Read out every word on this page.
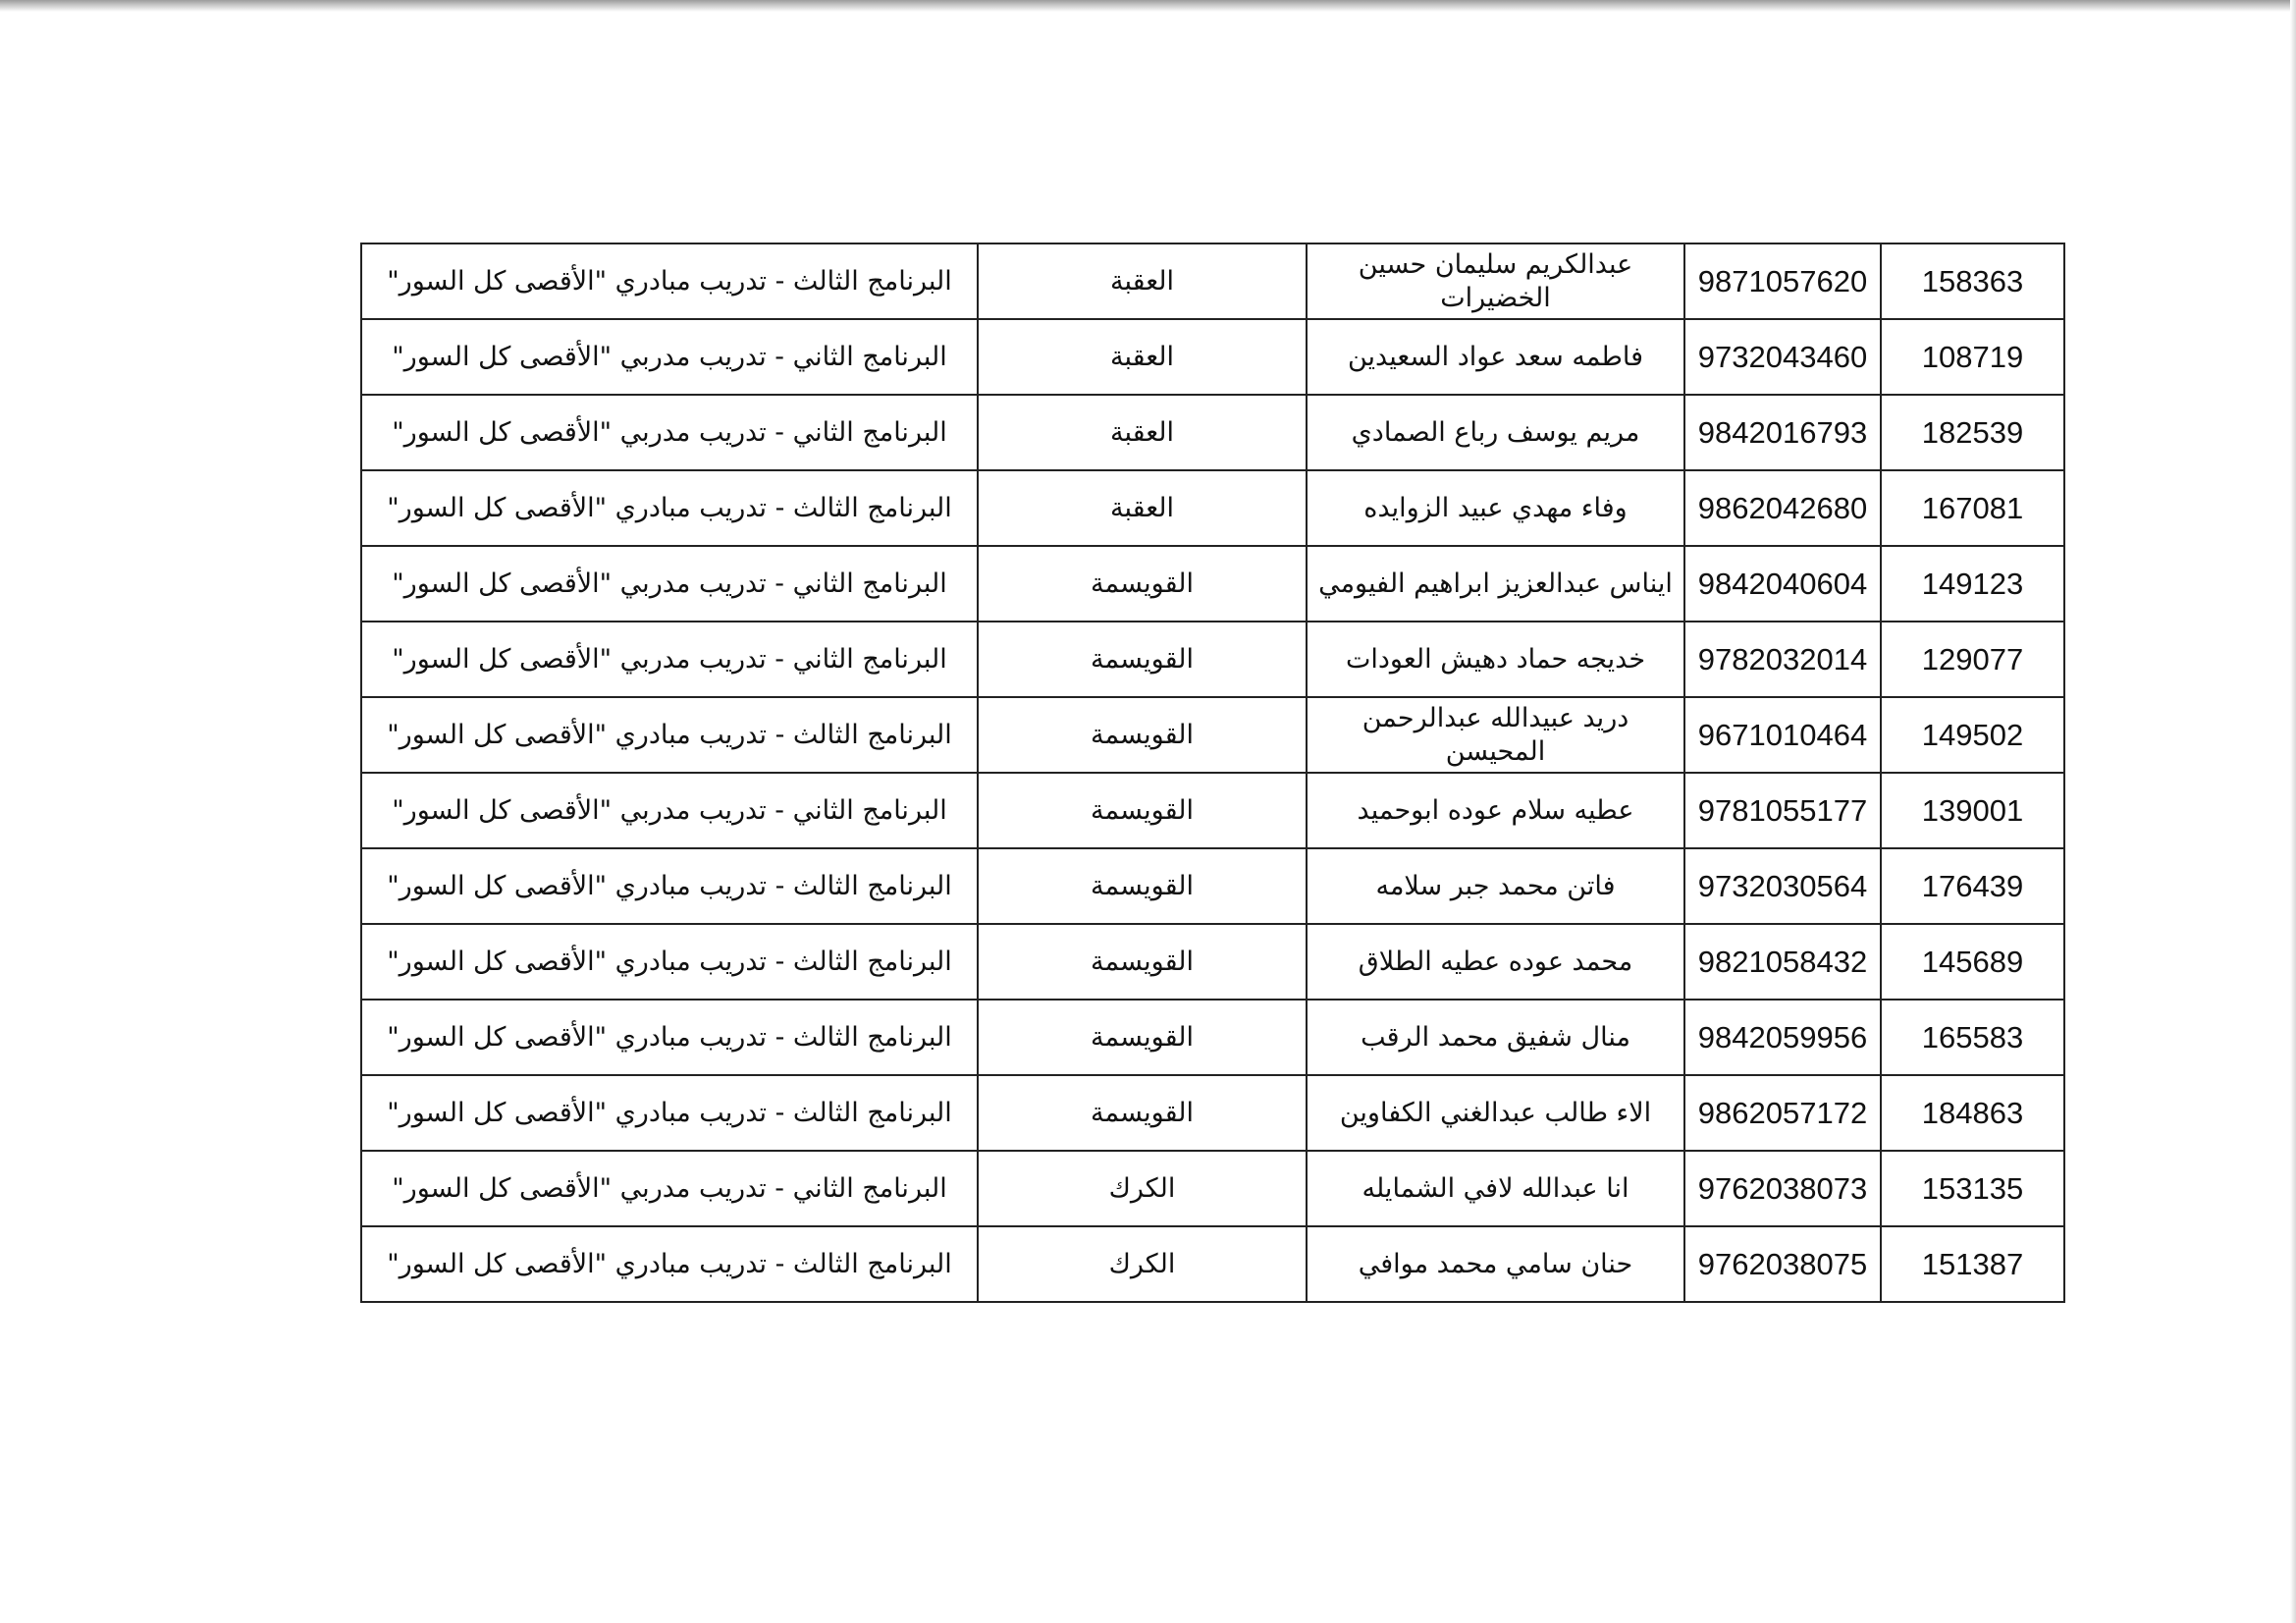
البرنامج الثالث - تدريب مبادري "الأقصى كل السور"	العقبة	عبدالكريم سليمان حسين الخضيرات	9871057620	158363
البرنامج الثاني - تدريب مدربي "الأقصى كل السور"	العقبة	فاطمه سعد عواد السعيدين	9732043460	108719
البرنامج الثاني - تدريب مدربي "الأقصى كل السور"	العقبة	مريم يوسف رباع الصمادي	9842016793	182539
البرنامج الثالث - تدريب مبادري "الأقصى كل السور"	العقبة	وفاء مهدي عبيد الزوايده	9862042680	167081
البرنامج الثاني - تدريب مدربي "الأقصى كل السور"	القويسمة	ايناس عبدالعزيز ابراهيم الفيومي	9842040604	149123
البرنامج الثاني - تدريب مدربي "الأقصى كل السور"	القويسمة	خديجه حماد دهيش العودات	9782032014	129077
البرنامج الثالث - تدريب مبادري "الأقصى كل السور"	القويسمة	دريد عبيدالله عبدالرحمن المحيسن	9671010464	149502
البرنامج الثاني - تدريب مدربي "الأقصى كل السور"	القويسمة	عطيه سلام عوده ابوحميد	9781055177	139001
البرنامج الثالث - تدريب مبادري "الأقصى كل السور"	القويسمة	فاتن محمد جبر سلامه	9732030564	176439
البرنامج الثالث - تدريب مبادري "الأقصى كل السور"	القويسمة	محمد عوده عطيه الطلاق	9821058432	145689
البرنامج الثالث - تدريب مبادري "الأقصى كل السور"	القويسمة	منال شفيق محمد الرقب	9842059956	165583
البرنامج الثالث - تدريب مبادري "الأقصى كل السور"	القويسمة	الاء طالب عبدالغني الكفاوين	9862057172	184863
البرنامج الثاني - تدريب مدربي "الأقصى كل السور"	الكرك	انا عبدالله لافي الشمايله	9762038073	153135
البرنامج الثالث - تدريب مبادري "الأقصى كل السور"	الكرك	حنان سامي محمد موافي	9762038075	151387
